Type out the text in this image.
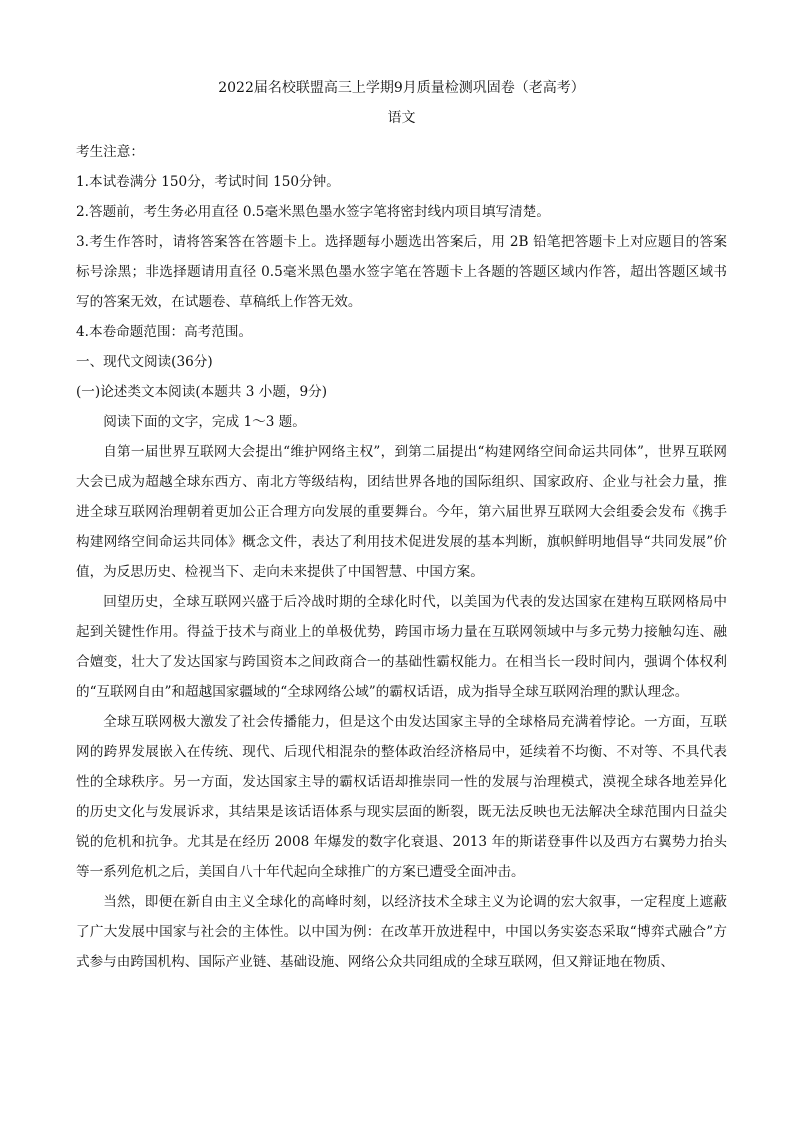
2022届名校联盟高三上学期9月质量检测巩固卷（老高考）

语文

考生注意：

1.本试卷满分 150分，考试时间 150分钟。

2.答题前，考生务必用直径 0.5毫米黑色墨水签字笔将密封线内项目填写清楚。

3.考生作答时，请将答案答在答题卡上。选择题每小题选出答案后，用 2B 铅笔把答题卡上对应题目的答案标号涂黑；非选择题请用直径 0.5毫米黑色墨水签字笔在答题卡上各题的答题区域内作答，超出答题区域书写的答案无效，在试题卷、草稿纸上作答无效。

4.本卷命题范围：高考范围。

一、现代文阅读(36分)

(一)论述类文本阅读(本题共 3 小题，9分)

阅读下面的文字，完成 1～3 题。

自第一届世界互联网大会提出“维护网络主权”，到第二届提出“构建网络空间命运共同体”，世界互联网大会已成为超越全球东西方、南北方等级结构，团结世界各地的国际组织、国家政府、企业与社会力量，推进全球互联网治理朝着更加公正合理方向发展的重要舞台。今年，第六届世界互联网大会组委会发布《携手构建网络空间命运共同体》概念文件，表达了利用技术促进发展的基本判断，旗帜鲜明地倡导“共同发展”价值，为反思历史、检视当下、走向未来提供了中国智慧、中国方案。

回望历史，全球互联网兴盛于后冷战时期的全球化时代，以美国为代表的发达国家在建构互联网格局中起到关键性作用。得益于技术与商业上的单极优势，跨国市场力量在互联网领域中与多元势力接触勾连、融合嬗变，壮大了发达国家与跨国资本之间政商合一的基础性霸权能力。在相当长一段时间内，强调个体权利的“互联网自由”和超越国家疆域的“全球网络公域”的霸权话语，成为指导全球互联网治理的默认理念。

全球互联网极大激发了社会传播能力，但是这个由发达国家主导的全球格局充满着悖论。一方面，互联网的跨界发展嵌入在传统、现代、后现代相混杂的整体政治经济格局中，延续着不均衡、不对等、不具代表性的全球秩序。另一方面，发达国家主导的霸权话语却推崇同一性的发展与治理模式，漠视全球各地差异化的历史文化与发展诉求，其结果是该话语体系与现实层面的断裂，既无法反映也无法解决全球范围内日益尖锐的危机和抗争。尤其是在经历 2008 年爆发的数字化衰退、2013 年的斯诺登事件以及西方右翼势力抬头等一系列危机之后，美国自八十年代起向全球推广的方案已遭受全面冲击。

当然，即便在新自由主义全球化的高峰时刻，以经济技术全球主义为论调的宏大叙事，一定程度上遮蔽了广大发展中国家与社会的主体性。以中国为例：在改革开放进程中，中国以务实姿态采取“博弈式融合”方式参与由跨国机构、国际产业链、基础设施、网络公众共同组成的全球互联网，但又辩证地在物质、
